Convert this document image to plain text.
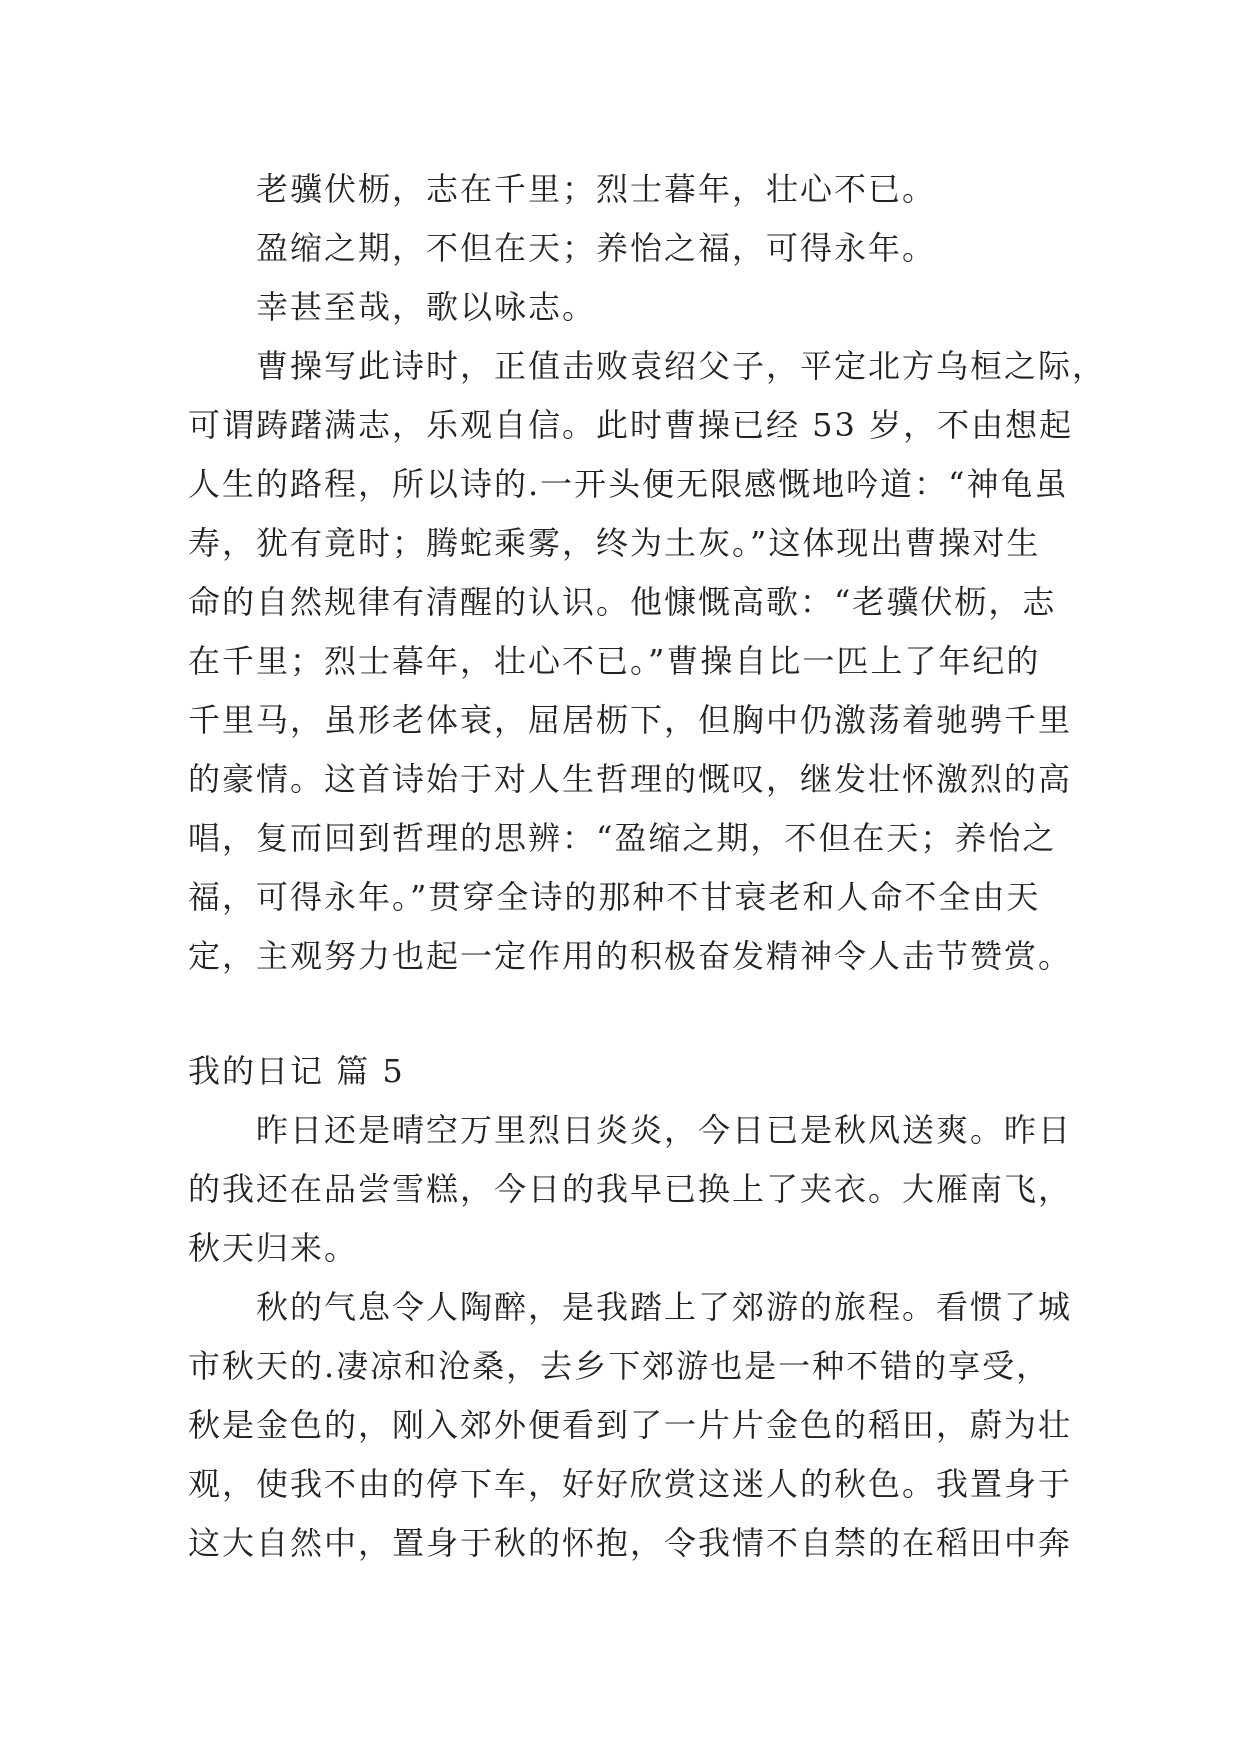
老骥伏枥，志在千里；烈士暮年，壮心不已。
盈缩之期，不但在天；养怡之福，可得永年。
幸甚至哉，歌以咏志。
曹操写此诗时，正值击败袁绍父子，平定北方乌桓之际，
可谓踌躇满志，乐观自信。此时曹操已经 53 岁，不由想起
人生的路程，所以诗的.一开头便无限感慨地吟道：“神龟虽
寿，犹有竟时；腾蛇乘雾，终为土灰。”这体现出曹操对生
命的自然规律有清醒的认识。他慷慨高歌：“老骥伏枥，志
在千里；烈士暮年，壮心不已。”曹操自比一匹上了年纪的
千里马，虽形老体衰，屈居枥下，但胸中仍激荡着驰骋千里
的豪情。这首诗始于对人生哲理的慨叹，继发壮怀激烈的高
唱，复而回到哲理的思辨：“盈缩之期，不但在天；养怡之
福，可得永年。”贯穿全诗的那种不甘衰老和人命不全由天
定，主观努力也起一定作用的积极奋发精神令人击节赞赏。
我的日记 篇 5
昨日还是晴空万里烈日炎炎，今日已是秋风送爽。昨日
的我还在品尝雪糕，今日的我早已换上了夹衣。大雁南飞，
秋天归来。
秋的气息令人陶醉，是我踏上了郊游的旅程。看惯了城
市秋天的.凄凉和沧桑，去乡下郊游也是一种不错的享受，
秋是金色的，刚入郊外便看到了一片片金色的稻田，蔚为壮
观，使我不由的停下车，好好欣赏这迷人的秋色。我置身于
这大自然中，置身于秋的怀抱，令我情不自禁的在稻田中奔
